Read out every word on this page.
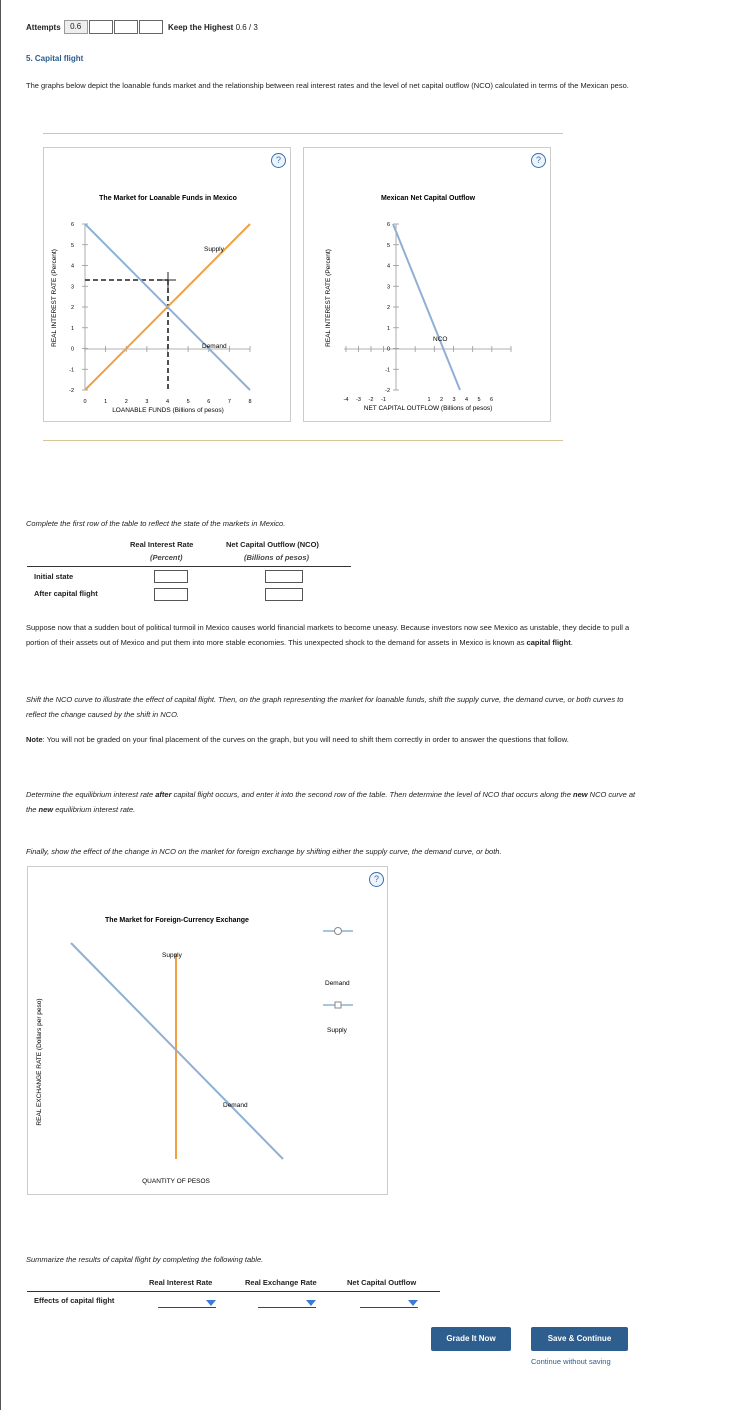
Attempts	0.6	Keep the Highest 0.6 / 3
5. Capital flight
The graphs below depict the loanable funds market and the relationship between real interest rates and the level of net capital outflow (NCO) calculated in terms of the Mexican peso.
?
The Market for Loanable Funds in Mexico
REAL INTEREST RATE (Percent)
LOANABLE FUNDS (Billions of pesos)
6
5
4
3
2
1
0
-1
-2
0	1	2	3	4	5	6	7	8
Supply
Demand
?
Mexican Net Capital Outflow
REAL INTEREST RATE (Percent)
NET CAPITAL OUTFLOW (Billions of pesos)
6
5
4
3
2
1
0
-1
-2
-4 -3 -2 -1	1 2 3 4 5 6
NCO
Complete the first row of the table to reflect the state of the markets in Mexico.
Real Interest Rate	Net Capital Outflow (NCO)
(Percent)	(Billions of pesos)
Initial state
After capital flight
Suppose now that a sudden bout of political turmoil in Mexico causes world financial markets to become uneasy. Because investors now see Mexico as unstable, they decide to pull a portion of their assets out of Mexico and put them into more stable economies. This unexpected shock to the demand for assets in Mexico is known as capital flight.
Shift the NCO curve to illustrate the effect of capital flight. Then, on the graph representing the market for loanable funds, shift the supply curve, the demand curve, or both curves to reflect the change caused by the shift in NCO.
Note: You will not be graded on your final placement of the curves on the graph, but you will need to shift them correctly in order to answer the questions that follow.
Determine the equilibrium interest rate after capital flight occurs, and enter it into the second row of the table. Then determine the level of NCO that occurs along the new NCO curve at the new equilibrium interest rate.
Finally, show the effect of the change in NCO on the market for foreign exchange by shifting either the supply curve, the demand curve, or both.
?
The Market for Foreign-Currency Exchange
REAL EXCHANGE RATE (Dollars per peso)
QUANTITY OF PESOS
Supply
Demand
Demand
Supply
Summarize the results of capital flight by completing the following table.
Real Interest Rate	Real Exchange Rate	Net Capital Outflow
Effects of capital flight
Grade It Now	Save & Continue
Continue without saving
